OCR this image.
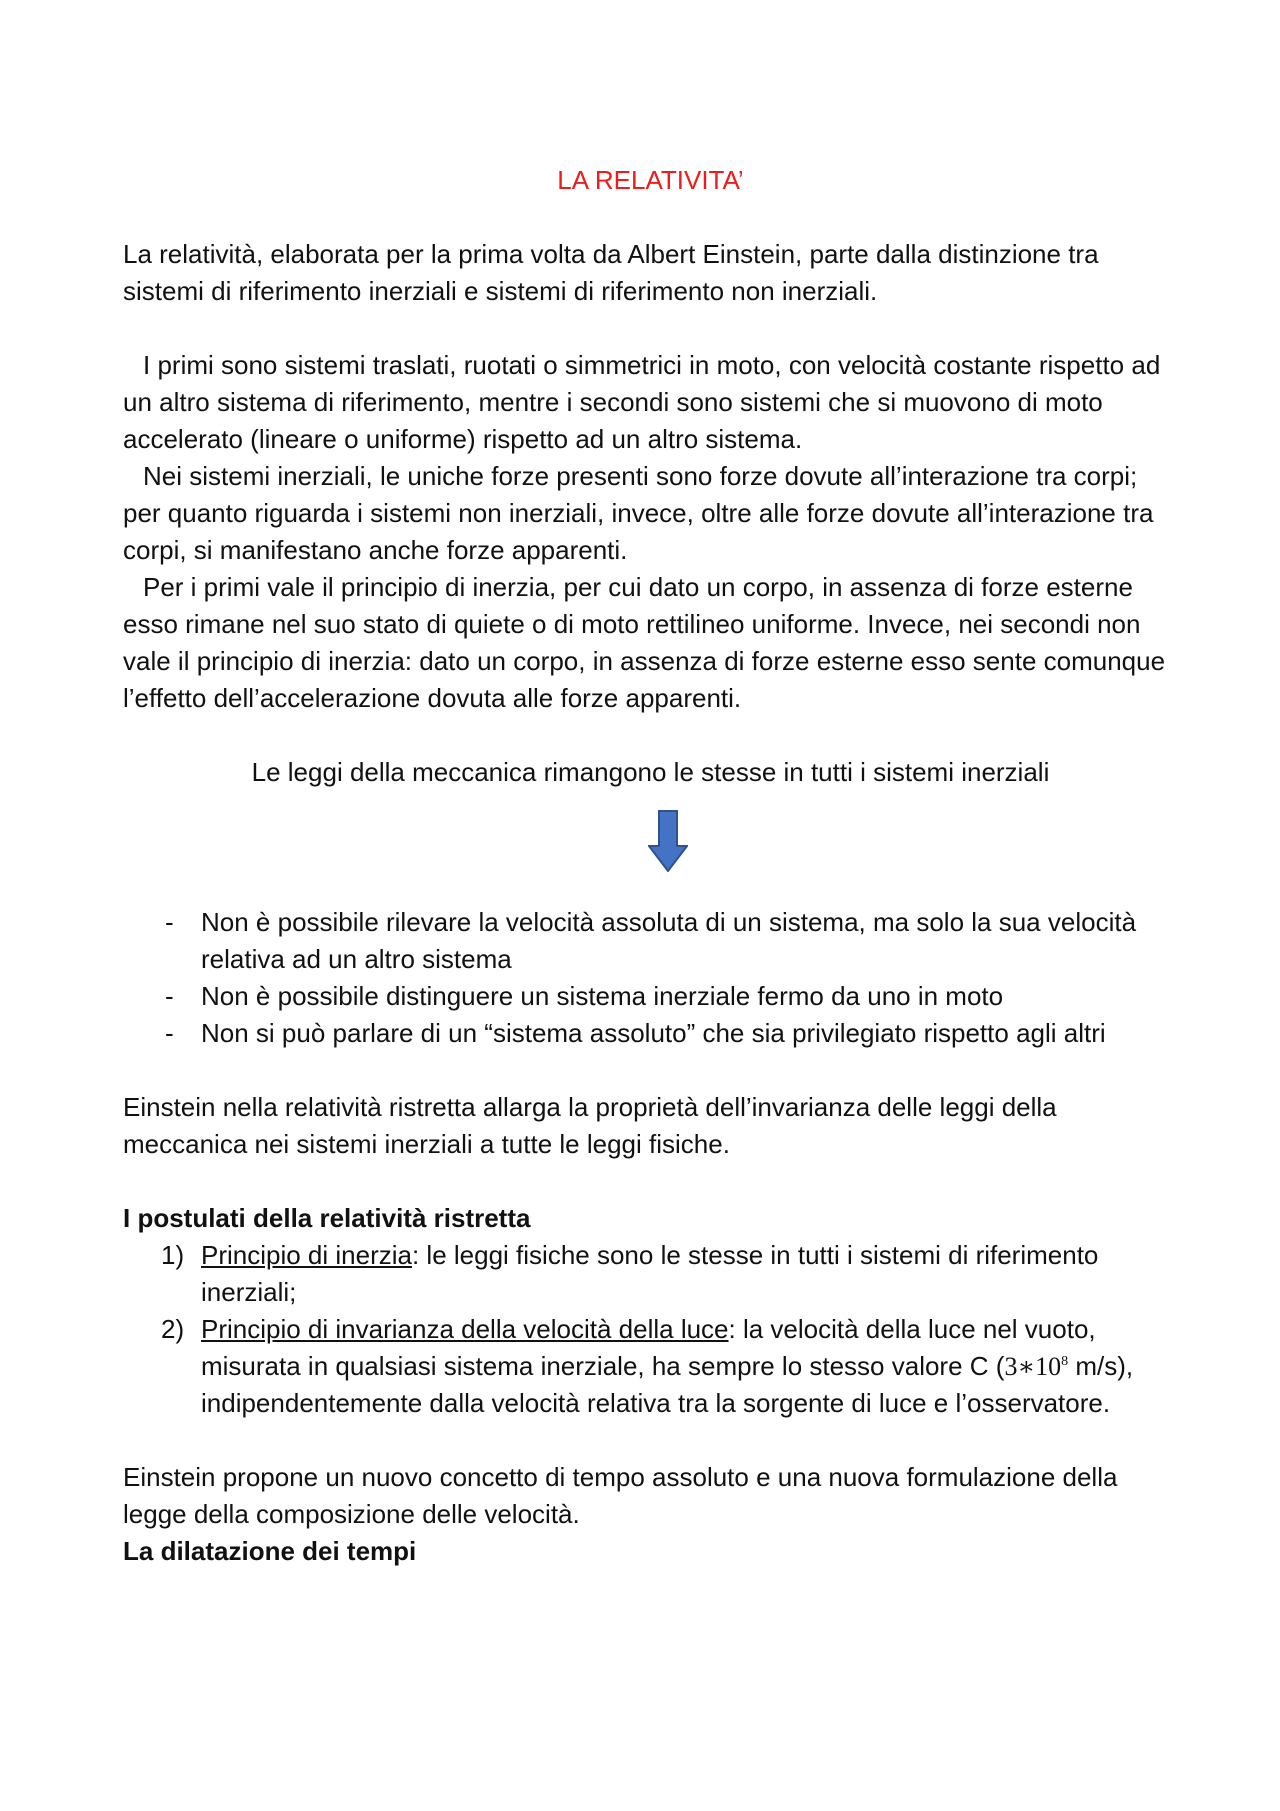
LA RELATIVITA’

La relatività, elaborata per la prima volta da Albert Einstein, parte dalla distinzione tra sistemi di riferimento inerziali e sistemi di riferimento non inerziali.

I primi sono sistemi traslati, ruotati o simmetrici in moto, con velocità costante rispetto ad un altro sistema di riferimento, mentre i secondi sono sistemi che si muovono di moto accelerato (lineare o uniforme) rispetto ad un altro sistema.

Nei sistemi inerziali, le uniche forze presenti sono forze dovute all’interazione tra corpi; per quanto riguarda i sistemi non inerziali, invece, oltre alle forze dovute all’interazione tra corpi, si manifestano anche forze apparenti.

Per i primi vale il principio di inerzia, per cui dato un corpo, in assenza di forze esterne esso rimane nel suo stato di quiete o di moto rettilineo uniforme. Invece, nei secondi non vale il principio di inerzia: dato un corpo, in assenza di forze esterne esso sente comunque l’effetto dell’accelerazione dovuta alle forze apparenti.

Le leggi della meccanica rimangono le stesse in tutti i sistemi inerziali

- Non è possibile rilevare la velocità assoluta di un sistema, ma solo la sua velocità relativa ad un altro sistema
- Non è possibile distinguere un sistema inerziale fermo da uno in moto
- Non si può parlare di un “sistema assoluto” che sia privilegiato rispetto agli altri

Einstein nella relatività ristretta allarga la proprietà dell’invarianza delle leggi della meccanica nei sistemi inerziali a tutte le leggi fisiche.

I postulati della relatività ristretta

1) Principio di inerzia: le leggi fisiche sono le stesse in tutti i sistemi di riferimento inerziali;
2) Principio di invarianza della velocità della luce: la velocità della luce nel vuoto, misurata in qualsiasi sistema inerziale, ha sempre lo stesso valore C ($3∗10^8$ m/s), indipendentemente dalla velocità relativa tra la sorgente di luce e l’osservatore.

Einstein propone un nuovo concetto di tempo assoluto e una nuova formulazione della legge della composizione delle velocità.

La dilatazione dei tempi
